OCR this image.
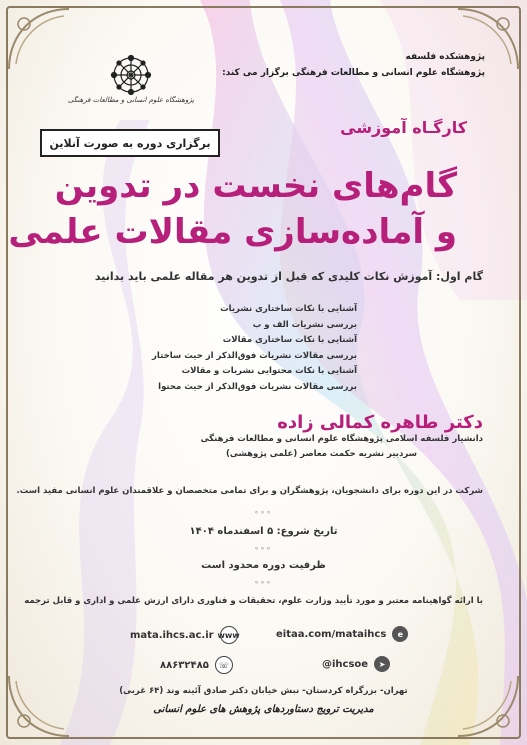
پژوهشگاه علوم انسانی و مطالعات فرهنگی
پژوهشکده فلسفه
پژوهشگاه علوم انسانی و مطالعات فرهنگی برگزار می کند:
برگزاری دوره به صورت آنلاین
کارگـاه آموزشی
گام‌های نخست در تدوین
و آماده‌سازی مقالات علمی
گام اول: آموزش نکات کلیدی که قبل از تدوین هر مقاله علمی باید بدانید
آشنایی با نکات ساختاری نشریات
بررسی نشریات الف و ب
آشنایی با نکات ساختاری مقالات
بررسی مقالات نشریات فوق‌الذکر از حیث ساختار
آشنایی با نکات محتوایی نشریات و مقالات
بررسی مقالات نشریات فوق‌الذکر از حیث محتوا
دکتر طاهره کمالی زاده
دانشیار فلسفه اسلامی پژوهشگاه علوم انسانی و مطالعات فرهنگی
سردبیر نشریه حکمت معاصر (علمی پژوهشی)
شرکت در این دوره برای دانشجویان، پژوهشگران و برای تمامی متخصصان و علاقمندان علوم انسانی مفید است.
°°°
تاریخ شروع: ۵ اسفندماه ۱۴۰۴
°°°
ظرفیت دوره محدود است
°°°
با ارائه گواهینامه معتبر و مورد تأیید وزارت علوم، تحقیقات و فناوری دارای ارزش علمی و اداری و قابل ترجمه
mata.ihcs.ac.ir www	eitaa.com/mataihcs	e
۸۸۶۳۲۴۸۵	☏	@ihcsoe	➤
تهران- بزرگراه کردستان- نبش خیابان دکتر صادق آئینه وند (۶۴ غربی)
مدیریت ترویج دستاوردهای پژوهش های علوم انسانی
